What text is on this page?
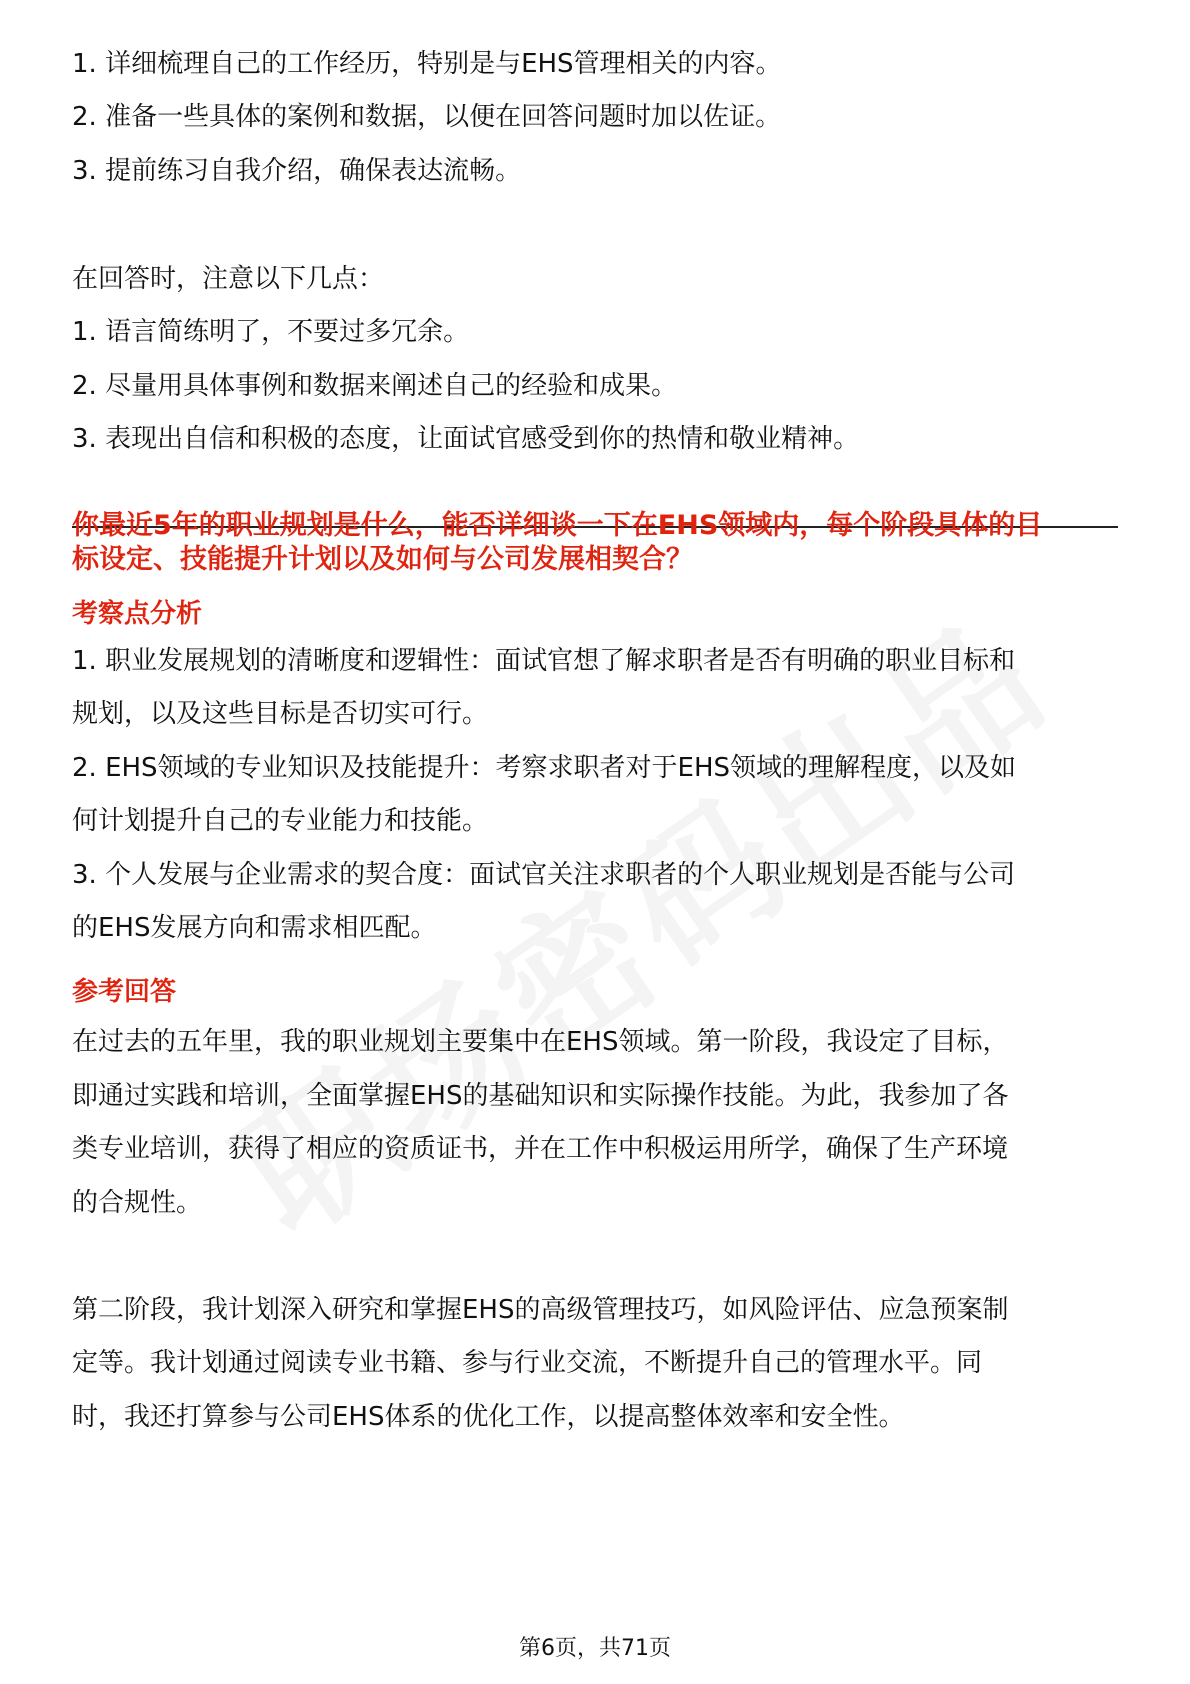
1. 详细梳理自己的工作经历，特别是与EHS管理相关的内容。
2. 准备一些具体的案例和数据，以便在回答问题时加以佐证。
3. 提前练习自我介绍，确保表达流畅。
在回答时，注意以下几点：
1. 语言简练明了，不要过多冗余。
2. 尽量用具体事例和数据来阐述自己的经验和成果。
3. 表现出自信和积极的态度，让面试官感受到你的热情和敬业精神。
你最近5年的职业规划是什么，能否详细谈一下在EHS领域内，每个阶段具体的目
标设定、技能提升计划以及如何与公司发展相契合？
考察点分析
1. 职业发展规划的清晰度和逻辑性：面试官想了解求职者是否有明确的职业目标和
规划，以及这些目标是否切实可行。
2. EHS领域的专业知识及技能提升：考察求职者对于EHS领域的理解程度，以及如
何计划提升自己的专业能力和技能。
3. 个人发展与企业需求的契合度：面试官关注求职者的个人职业规划是否能与公司
的EHS发展方向和需求相匹配。
参考回答
在过去的五年里，我的职业规划主要集中在EHS领域。第一阶段，我设定了目标，
即通过实践和培训，全面掌握EHS的基础知识和实际操作技能。为此，我参加了各
类专业培训，获得了相应的资质证书，并在工作中积极运用所学，确保了生产环境
的合规性。
第二阶段，我计划深入研究和掌握EHS的高级管理技巧，如风险评估、应急预案制
定等。我计划通过阅读专业书籍、参与行业交流，不断提升自己的管理水平。同
时，我还打算参与公司EHS体系的优化工作，以提高整体效率和安全性。
第6页，共71页
